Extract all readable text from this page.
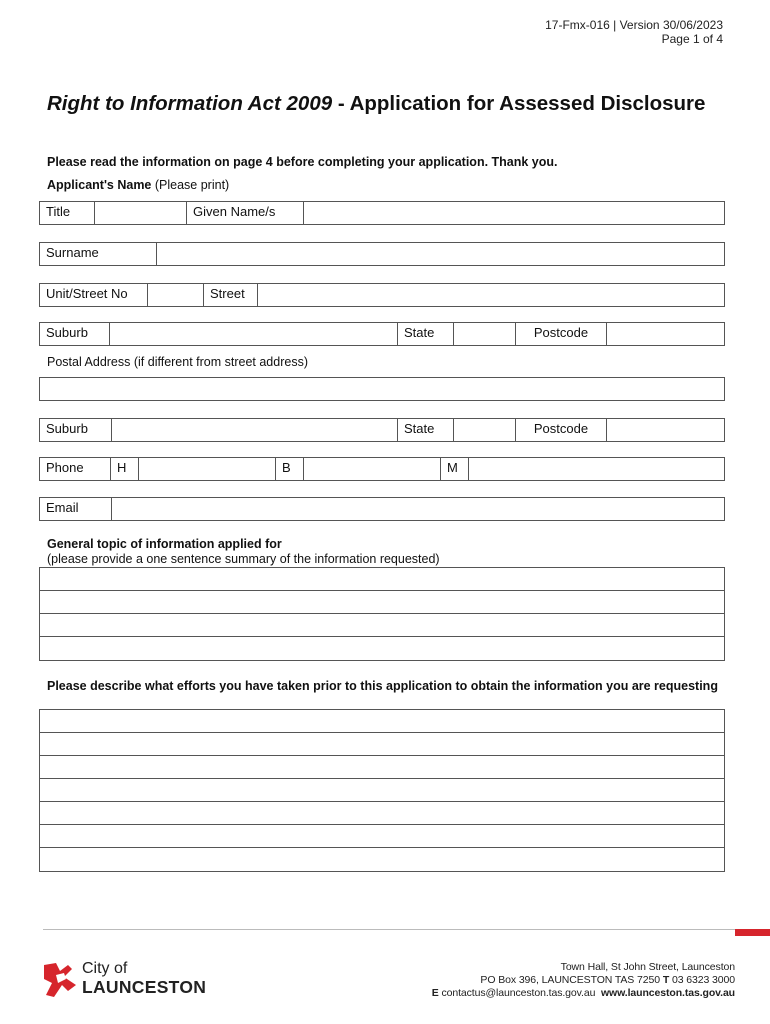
17-Fmx-016 | Version 30/06/2023
Page 1 of 4
Right to Information Act 2009 - Application for Assessed Disclosure
Please read the information on page 4 before completing your application. Thank you.
Applicant's Name (Please print)
Title	Given Name/s
Surname
Unit/Street No	Street
Suburb	State	Postcode
Postal Address (if different from street address)
Suburb	State	Postcode
Phone	H	B	M
Email
General topic of information applied for
(please provide a one sentence summary of the information requested)
Please describe what efforts you have taken prior to this application to obtain the information you are requesting
City of
LAUNCESTON
Town Hall, St John Street, Launceston
PO Box 396, LAUNCESTON TAS 7250 T 03 6323 3000
E contactus@launceston.tas.gov.au www.launceston.tas.gov.au
